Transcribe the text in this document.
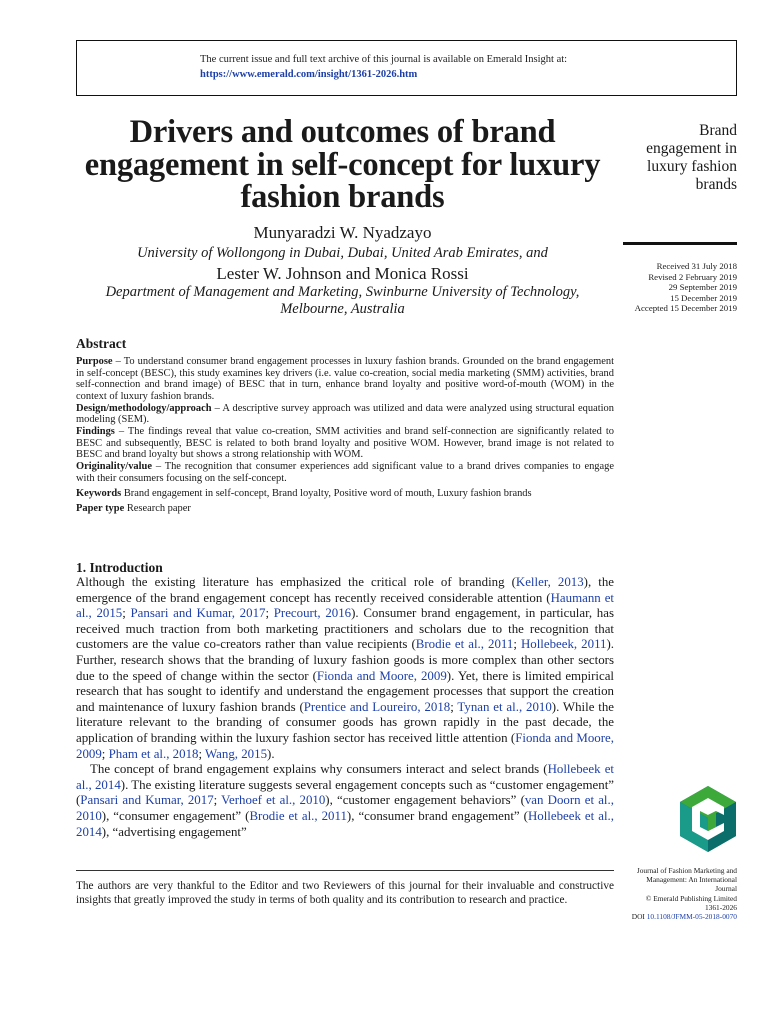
The current issue and full text archive of this journal is available on Emerald Insight at:
https://www.emerald.com/insight/1361-2026.htm
Drivers and outcomes of brand engagement in self-concept for luxury fashion brands
Munyaradzi W. Nyadzayo
University of Wollongong in Dubai, Dubai, United Arab Emirates, and
Lester W. Johnson and Monica Rossi
Department of Management and Marketing, Swinburne University of Technology,
Melbourne, Australia
Brand
engagement in
luxury fashion
brands
Received 31 July 2018
Revised 2 February 2019
29 September 2019
15 December 2019
Accepted 15 December 2019
Journal of Fashion Marketing and
Management: An International
Journal
© Emerald Publishing Limited
1361-2026
DOI 10.1108/JFMM-05-2018-0070
Abstract

Purpose – To understand consumer brand engagement processes in luxury fashion brands. Grounded on the brand engagement in self-concept (BESC), this study examines key drivers (i.e. value co-creation, social media marketing (SMM) activities, brand self-connection and brand image) of BESC that in turn, enhance brand loyalty and positive word-of-mouth (WOM) in the context of luxury fashion brands.

Design/methodology/approach – A descriptive survey approach was utilized and data were analyzed using structural equation modeling (SEM).

Findings – The findings reveal that value co-creation, SMM activities and brand self-connection are significantly related to BESC and subsequently, BESC is related to both brand loyalty and positive WOM. However, brand image is not related to BESC and brand loyalty but shows a strong relationship with WOM.

Originality/value – The recognition that consumer experiences add significant value to a brand drives companies to engage with their consumers focusing on the self-concept.

Keywords Brand engagement in self-concept, Brand loyalty, Positive word of mouth, Luxury fashion brands

Paper type Research paper

1. Introduction

Although the existing literature has emphasized the critical role of branding (Keller, 2013), the emergence of the brand engagement concept has recently received considerable attention (Haumann et al., 2015; Pansari and Kumar, 2017; Precourt, 2016). Consumer brand engagement, in particular, has received much traction from both marketing practitioners and scholars due to the recognition that customers are the value co-creators rather than value recipients (Brodie et al., 2011; Hollebeek, 2011). Further, research shows that the branding of luxury fashion goods is more complex than other sectors due to the speed of change within the sector (Fionda and Moore, 2009). Yet, there is limited empirical research that has sought to identify and understand the engagement processes that support the creation and maintenance of luxury fashion brands (Prentice and Loureiro, 2018; Tynan et al., 2010). While the literature relevant to the branding of consumer goods has grown rapidly in the past decade, the application of branding within the luxury fashion sector has received little attention (Fionda and Moore, 2009; Pham et al., 2018; Wang, 2015).

The concept of brand engagement explains why consumers interact and select brands (Hollebeek et al., 2014). The existing literature suggests several engagement concepts such as “customer engagement” (Pansari and Kumar, 2017; Verhoef et al., 2010), “customer engagement behaviors” (van Doorn et al., 2010), “consumer engagement” (Brodie et al., 2011), “consumer brand engagement” (Hollebeek et al., 2014), “advertising engagement”

The authors are very thankful to the Editor and two Reviewers of this journal for their invaluable and constructive insights that greatly improved the study in terms of both quality and its contribution to research and practice.
